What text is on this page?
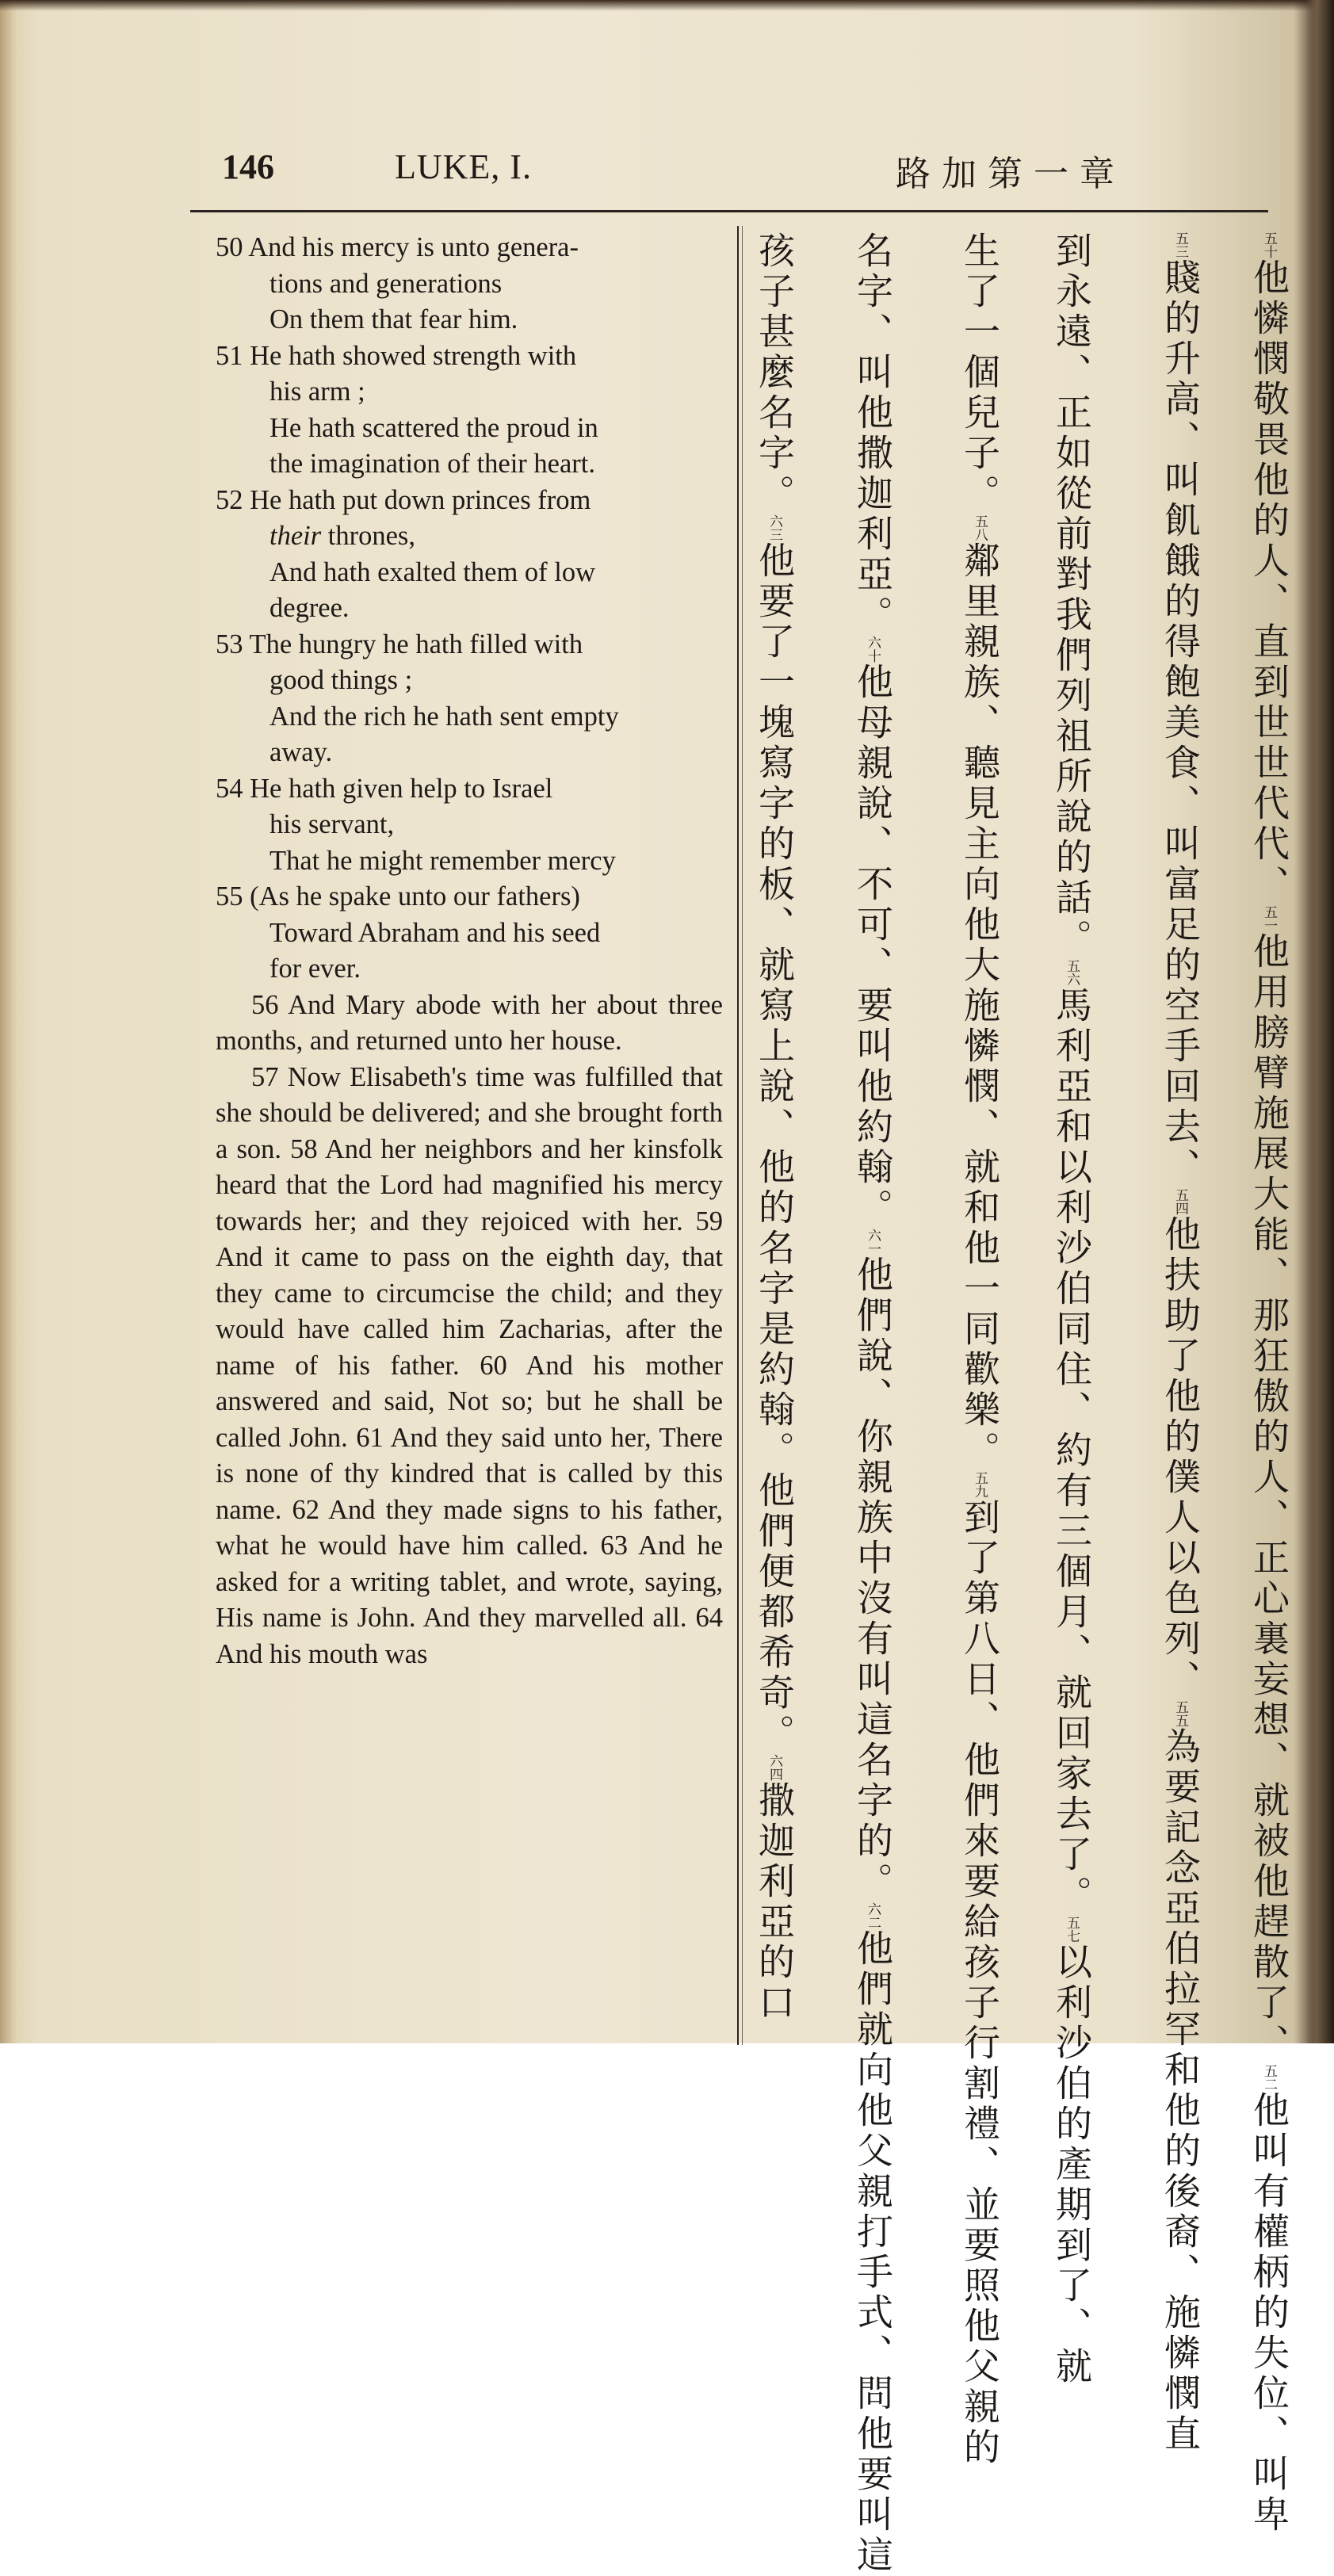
146	LUKE, I.	路加第一章

50 And his mercy is unto genera-

tions and generations

On them that fear him.

51 He hath showed strength with

his arm ;

He hath scattered the proud in

the imagination of their heart.

52 He hath put down princes from

their thrones,

And hath exalted them of low

degree.

53 The hungry he hath filled with

good things ;

And the rich he hath sent empty

away.

54 He hath given help to Israel

his servant,

That he might remember mercy

55 (As he spake unto our fathers)

Toward Abraham and his seed

for ever.

56 And Mary abode with her about three months, and returned unto her house.

57 Now Elisabeth's time was fulfilled that she should be delivered; and she brought forth a son. 58 And her neighbors and her kinsfolk heard that the Lord had magnified his mercy towards her; and they rejoiced with her. 59 And it came to pass on the eighth day, that they came to circumcise the child; and they would have called him Zacharias, after the name of his father. 60 And his mother answered and said, Not so; but he shall be called John. 61 And they said unto her, There is none of thy kindred that is called by this name. 62 And they made signs to his father, what he would have him called. 63 And he asked for a writing tablet, and wrote, saying, His name is John. And they marvelled all. 64 And his mouth was

五十他憐憫敬畏他的人、直到世世代代、五一他用膀臂施展大能、那狂傲的人、正心裏妄想、就被他趕散了、五二他叫有權柄的失位、叫卑
五三賤的升高、叫飢餓的得飽美食、叫富足的空手回去、五四他扶助了他的僕人以色列、五五為要記念亞伯拉罕和他的後裔、施憐憫直
到永遠、正如從前對我們列祖所說的話。五六馬利亞和以利沙伯同住、約有三個月、就回家去了。五七以利沙伯的產期到了、就
生了一個兒子。五八鄰里親族、聽見主向他大施憐憫、就和他一同歡樂。五九到了第八日、他們來要給孩子行割禮、並要照他父親的
名字、叫他撒迦利亞。六十他母親說、不可、要叫他約翰。六一他們說、你親族中沒有叫這名字的。六二他們就向他父親打手式、問他要叫這
孩子甚麼名字。六三他要了一塊寫字的板、就寫上說、他的名字是約翰。他們便都希奇。六四撒迦利亞的口
